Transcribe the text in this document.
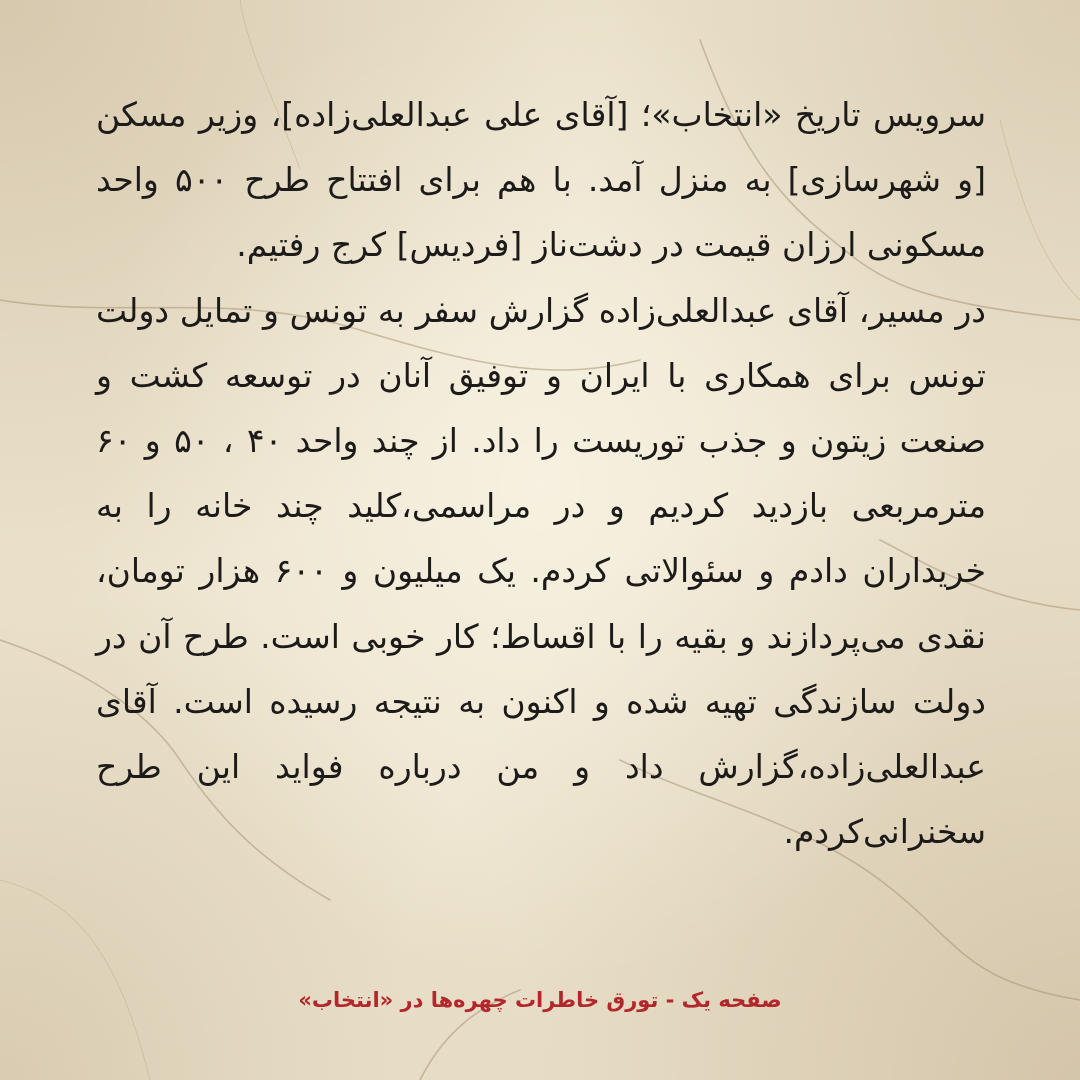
سرویس تاریخ «انتخاب»؛ [آقای علی عبدالعلی‌زاده]، وزیر مسکن [و شهرسازی] به منزل آمد. با هم برای افتتاح طرح ۵۰۰ واحد مسکونی ارزان قیمت در دشت‌ناز [فردیس] کرج رفتیم.
در مسیر، آقای عبدالعلی‌زاده گزارش سفر به تونس و تمایل دولت تونس برای همکاری با ایران و توفیق آنان در توسعه کشت و صنعت زیتون و جذب توریست را داد. از چند واحد ۴۰ ، ۵۰ و ۶۰ مترمربعی بازدید کردیم و در مراسمی،کلید چند خانه را به خریداران دادم و سئوالاتی کردم. یک میلیون و ۶۰۰ هزار تومان، نقدی می‌پردازند و بقیه را با اقساط؛ کار خوبی است. طرح آن در دولت سازندگی تهیه شده و اکنون به نتیجه رسیده است. آقای عبدالعلی‌زاده،گزارش داد و من درباره فواید این طرح سخنرانی‌کردم.
صفحه یک - تورق خاطرات چهره‌ها در «انتخاب»
